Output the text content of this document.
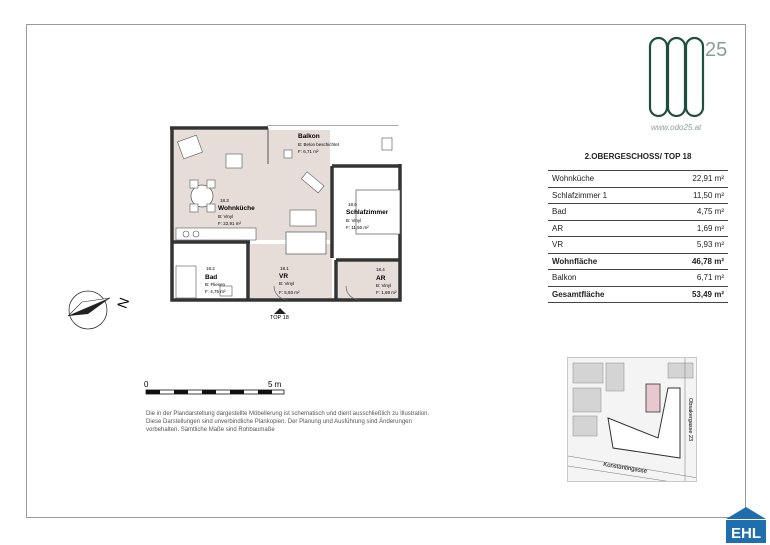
25
www.odo25.at
2.OBERGESCHOSS/ TOP 18
Wohnküche	22,91 m²
Schlafzimmer 1	11,50 m²
Bad	4,75 m²
AR	1,69 m²
VR	5,93 m²
Wohnfläche	46,78 m²
Balkon	6,71 m²
Gesamtfläche	53,49 m²
Balkon
B: Belon beschichtet
F: 6,71 m²
18.3
Wohnküche
B: Vinyl
F: 22,91 m²
18.6
Schlafzimmer
B: Vinyl
F: 11,50 m²
18.2
Bad
B: Fliesen
F: 4,75 m²
18.1
VR
B: Vinyl
F: 5,93 m²
18.4
AR
B: Vinyl
F: 1,69 m²
TOP 18
N
0	5 m
Die in der Plandarstellung dargestellte Möbellerung ist schematisch und dient ausschließlich zu Illustration. Diese Darstellungen sind unverbindliche Plankopien. Der Planung und Ausführung sind Änderungen vorbehalten. Sämtliche Maße sind Rohbaumaße
Konstantingasse
Obsakergasse 23
EHL
